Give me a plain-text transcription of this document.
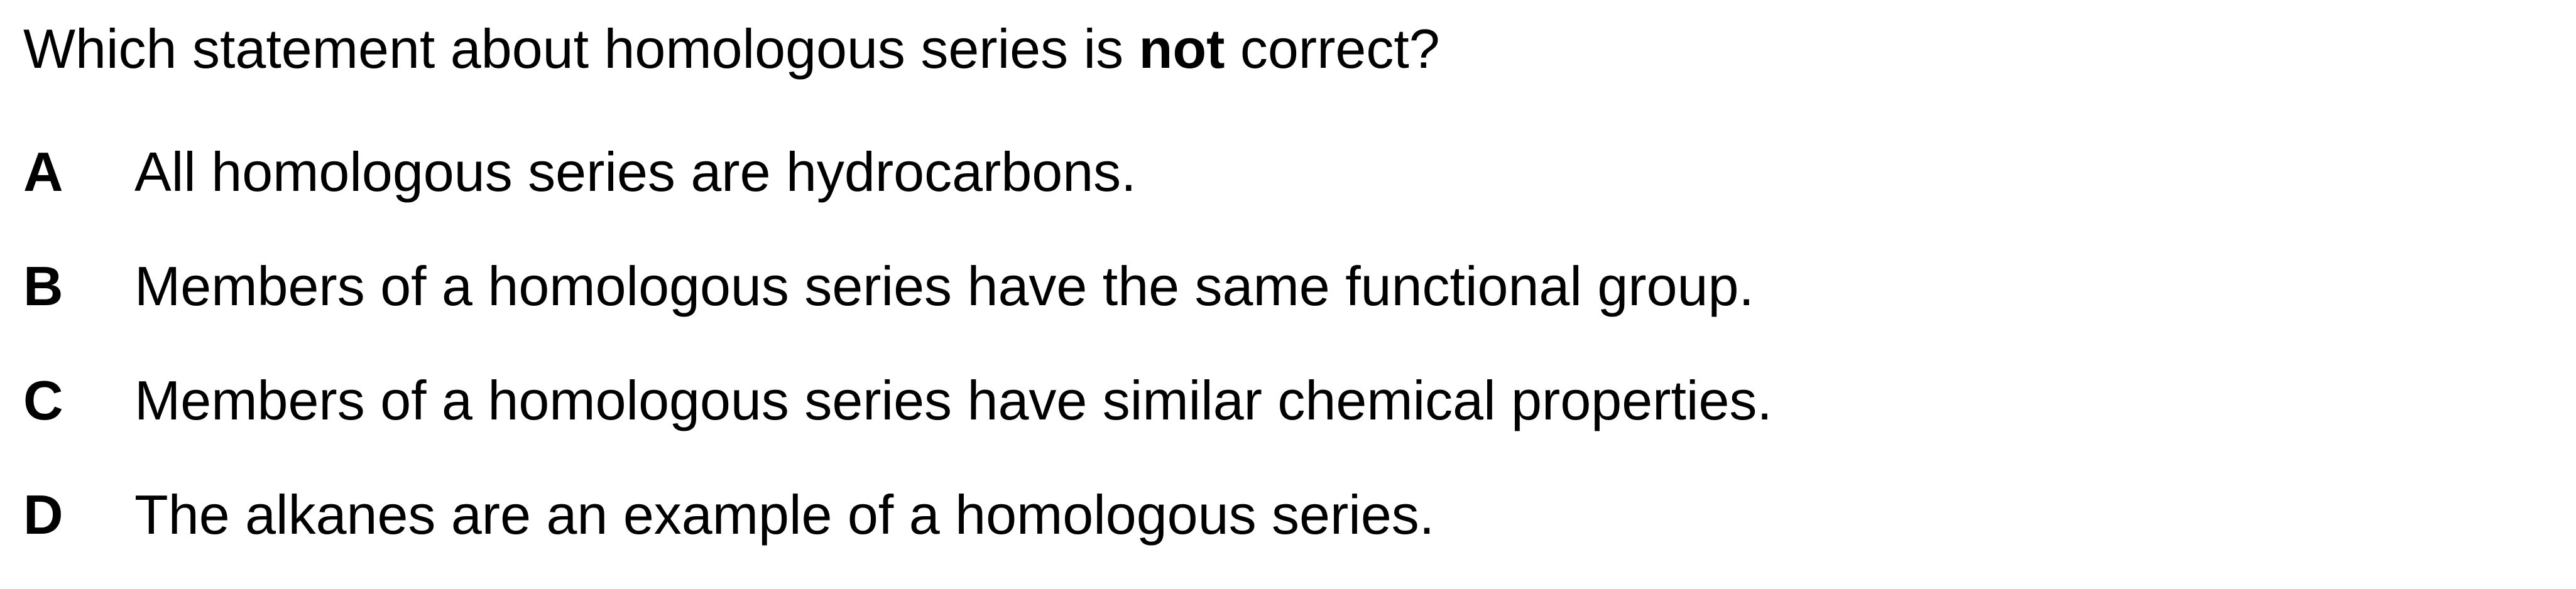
Which statement about homologous series is not correct?

A	All homologous series are hydrocarbons.
B	Members of a homologous series have the same functional group.
C	Members of a homologous series have similar chemical properties.
D	The alkanes are an example of a homologous series.
